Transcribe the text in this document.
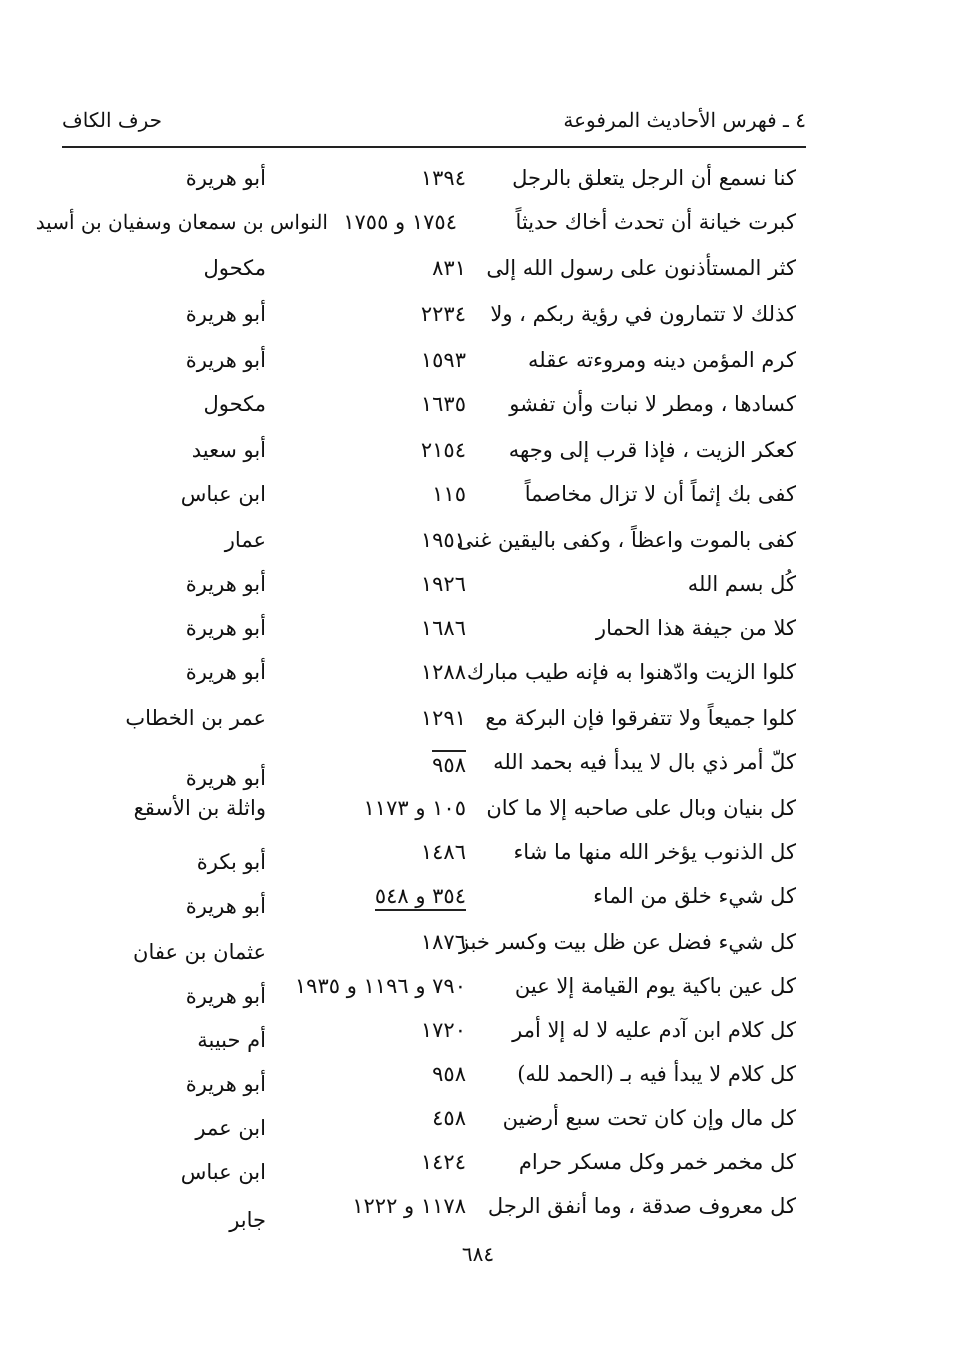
٤ ـ فهرس الأحاديث المرفوعة
حرف الكاف
كنا نسمع أن الرجل يتعلق بالرجل
١٣٩٤
أبو هريرة
كبرت خيانة أن تحدث أخاك حديثاً
١٧٥٤ و ١٧٥٥
النواس بن سمعان وسفيان بن أسيد
كثر المستأذنون على رسول الله إلى
٨٣١
مكحول
كذلك لا تتمارون في رؤية ربكم ، ولا
٢٢٣٤
أبو هريرة
كرم المؤمن دينه ومروءته عقله
١٥٩٣
أبو هريرة
كسادها ، ومطر لا نبات وأن تفشو
١٦٣٥
مكحول
كعكر الزيت ، فإذا قرب إلى وجهه
٢١٥٤
أبو سعيد
كفى بك إثماً أن لا تزال مخاصماً
١١٥
ابن عباس
كفى بالموت واعظاً ، وكفى باليقين غنى
١٩٥١
عمار
كُل بسم الله
١٩٢٦
أبو هريرة
كلا من جيفة هذا الحمار
١٦٨٦
أبو هريرة
كلوا الزيت وادّهنوا به فإنه طيب مبارك
١٢٨٨
أبو هريرة
كلوا جميعاً ولا تتفرقوا فإن البركة مع
١٢٩١
عمر بن الخطاب
كلّ أمر ذي بال لا يبدأ فيه بحمد الله
٩٥٨
أبو هريرة
كل بنيان وبال على صاحبه إلا ما كان
١٠٥ و ١١٧٣
واثلة بن الأسقع
كل الذنوب يؤخر الله منها ما شاء
١٤٨٦
أبو بكرة
كل شيء خلق من الماء
٣٥٤ و ٥٤٨
أبو هريرة
كل شيء فضل عن ظل بيت وكسر خبز
١٨٧٦
عثمان بن عفان
كل عين باكية يوم القيامة إلا عين
٧٩٠ و ١١٩٦ و ١٩٣٥
أبو هريرة
كل كلام ابن آدم عليه لا له إلا أمر
١٧٢٠
أم حبيبة
كل كلام لا يبدأ فيه بـ (الحمد لله)
٩٥٨
أبو هريرة
كل مال وإن كان تحت سبع أرضين
٤٥٨
ابن عمر
كل مخمر خمر وكل مسكر حرام
١٤٢٤
ابن عباس
كل معروف صدقة ، وما أنفق الرجل
١١٧٨ و ١٢٢٢
جابر
٦٨٤
